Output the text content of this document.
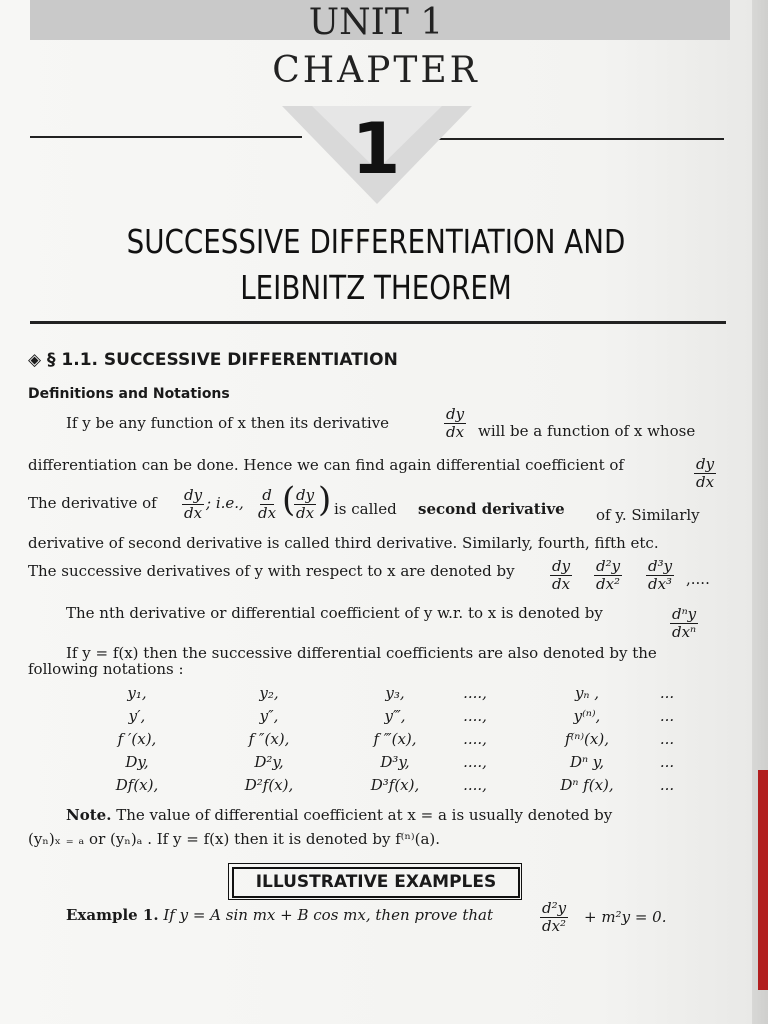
UNIT 1
CHAPTER
1
SUCCESSIVE DIFFERENTIATION AND
LEIBNITZ THEOREM
◈ § 1.1. SUCCESSIVE DIFFERENTIATION
Definitions and Notations
If y be any function of x then its derivative	$\frac{dy}{dx}$ will be a function of x whose
differentiation can be done. Hence we can find again differential coefficient of	$\frac{dy}{dx}$
The derivative of $\frac{dy}{dx}$ ; i.e., $\frac{d}{dx}$ (
$\frac{dy}{dx}$ ) is called second derivative of y. Similarly
derivative of second derivative is called third derivative. Similarly, fourth, fifth etc.
The successive derivatives of y with respect to x are denoted by $\frac{dy}{dx} \frac{\text{d²y}}{\text{dx²}} \frac{\text{d³y}}{\text{dx³}}$ ,....
The nth derivative or differential coefficient of y w.r. to x is denoted by	dⁿy
dxⁿ
If y = f(x) then the successive differential coefficients are also denoted by the
following notations :
y₁,	y₂,	y₃,	....,	yₙ ,	...
y′,	y″,	y‴,	....,	y⁽ⁿ⁾,	...
f ′(x),	f ″(x),	f ‴(x),	....,	f⁽ⁿ⁾(x),	...
Dy,	D²y,	D³y,	....,	Dⁿ y,	...
Df(x),	D²f(x),	D³f(x),	....,	Dⁿ f(x),	...
Note. The value of differential coefficient at x = a is usually denoted by
(yₙ)ₓ ₌ ₐ or (yₙ)ₐ . If y = f(x) then it is denoted by f⁽ⁿ⁾(a).
ILLUSTRATIVE EXAMPLES
Example 1. If y = A sin mx + B cos mx, then prove that	$\frac{\text{d²y}}{\text{dx²}} + m^2y = 0$.
